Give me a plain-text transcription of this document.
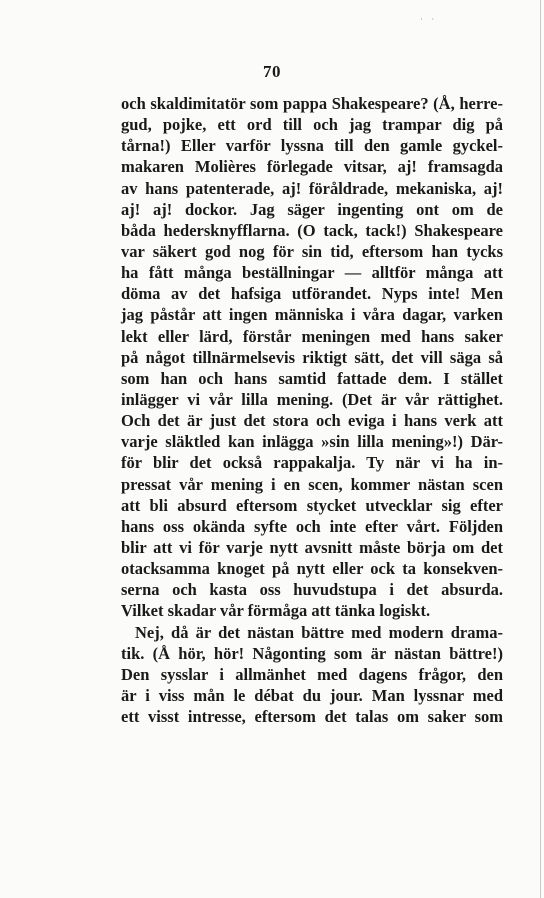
· ·
70
och skaldimitatör som pappa Shakespeare? (Å, herre-
gud, pojke, ett ord till och jag trampar dig på
tårna!) Eller varför lyssna till den gamle gyckel-
makaren Molières förlegade vitsar, aj! framsagda
av hans patenterade, aj! föråldrade, mekaniska, aj!
aj! aj! dockor. Jag säger ingenting ont om de
båda hedersknyfflarna. (O tack, tack!) Shakespeare
var säkert god nog för sin tid, eftersom han tycks
ha fått många beställningar — alltför många att
döma av det hafsiga utförandet. Nyps inte! Men
jag påstår att ingen människa i våra dagar, varken
lekt eller lärd, förstår meningen med hans saker
på något tillnärmelsevis riktigt sätt, det vill säga så
som han och hans samtid fattade dem. I stället
inlägger vi vår lilla mening. (Det är vår rättighet.
Och det är just det stora och eviga i hans verk att
varje släktled kan inlägga »sin lilla mening»!) Där-
för blir det också rappakalja. Ty när vi ha in-
pressat vår mening i en scen, kommer nästan scen
att bli absurd eftersom stycket utvecklar sig efter
hans oss okända syfte och inte efter vårt. Följden
blir att vi för varje nytt avsnitt måste börja om det
otacksamma knoget på nytt eller ock ta konsekven-
serna och kasta oss huvudstupa i det absurda.
Vilket skadar vår förmåga att tänka logiskt.
Nej, då är det nästan bättre med modern drama-
tik. (Å hör, hör! Någonting som är nästan bättre!)
Den sysslar i allmänhet med dagens frågor, den
är i viss mån le débat du jour. Man lyssnar med
ett visst intresse, eftersom det talas om saker som
